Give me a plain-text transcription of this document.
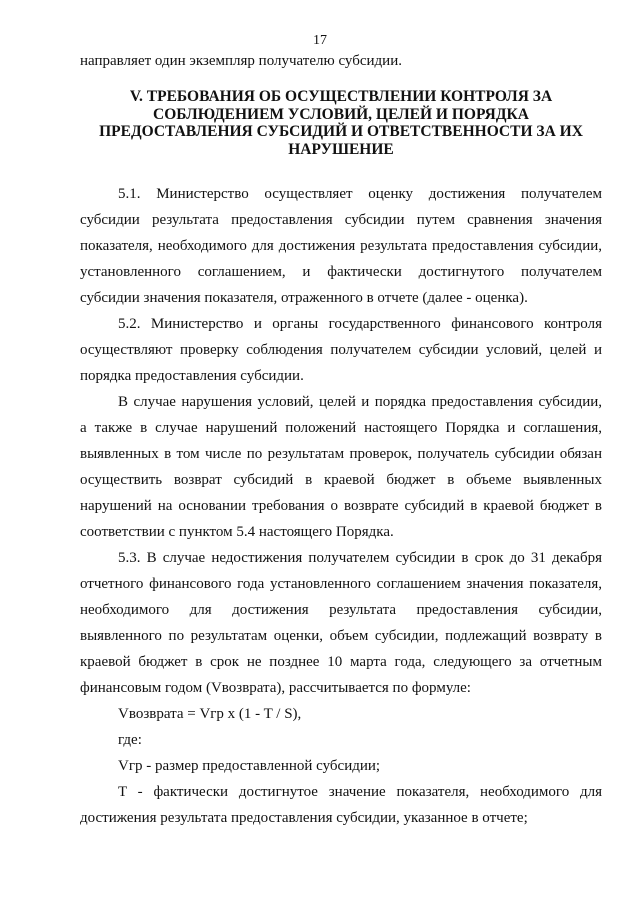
17
направляет один экземпляр получателю субсидии.
V. ТРЕБОВАНИЯ ОБ ОСУЩЕСТВЛЕНИИ КОНТРОЛЯ ЗА
СОБЛЮДЕНИЕМ УСЛОВИЙ, ЦЕЛЕЙ И ПОРЯДКА
ПРЕДОСТАВЛЕНИЯ СУБСИДИЙ И ОТВЕТСТВЕННОСТИ ЗА ИХ
НАРУШЕНИЕ
5.1. Министерство осуществляет оценку достижения получателем
субсидии результата предоставления субсидии путем сравнения значения
показателя, необходимого для достижения результата предоставления субсидии,
установленного соглашением, и фактически достигнутого получателем
субсидии значения показателя, отраженного в отчете (далее - оценка).
5.2. Министерство и органы государственного финансового контроля
осуществляют проверку соблюдения получателем субсидии условий, целей и
порядка предоставления субсидии.
В случае нарушения условий, целей и порядка предоставления субсидии,
а также в случае нарушений положений настоящего Порядка и соглашения,
выявленных в том числе по результатам проверок, получатель субсидии обязан
осуществить возврат субсидий в краевой бюджет в объеме выявленных
нарушений на основании требования о возврате субсидий в краевой бюджет в
соответствии с пунктом 5.4 настоящего Порядка.
5.3. В случае недостижения получателем субсидии в срок до 31 декабря
отчетного финансового года установленного соглашением значения показателя,
необходимого для достижения результата предоставления субсидии,
выявленного по результатам оценки, объем субсидии, подлежащий возврату в
краевой бюджет в срок не позднее 10 марта года, следующего за отчетным
финансовым годом (Vвозврата), рассчитывается по формуле:
Vвозврата = Vгр x (1 - T / S),
где:
Vгр - размер предоставленной субсидии;
T - фактически достигнутое значение показателя, необходимого для
достижения результата предоставления субсидии, указанное в отчете;
